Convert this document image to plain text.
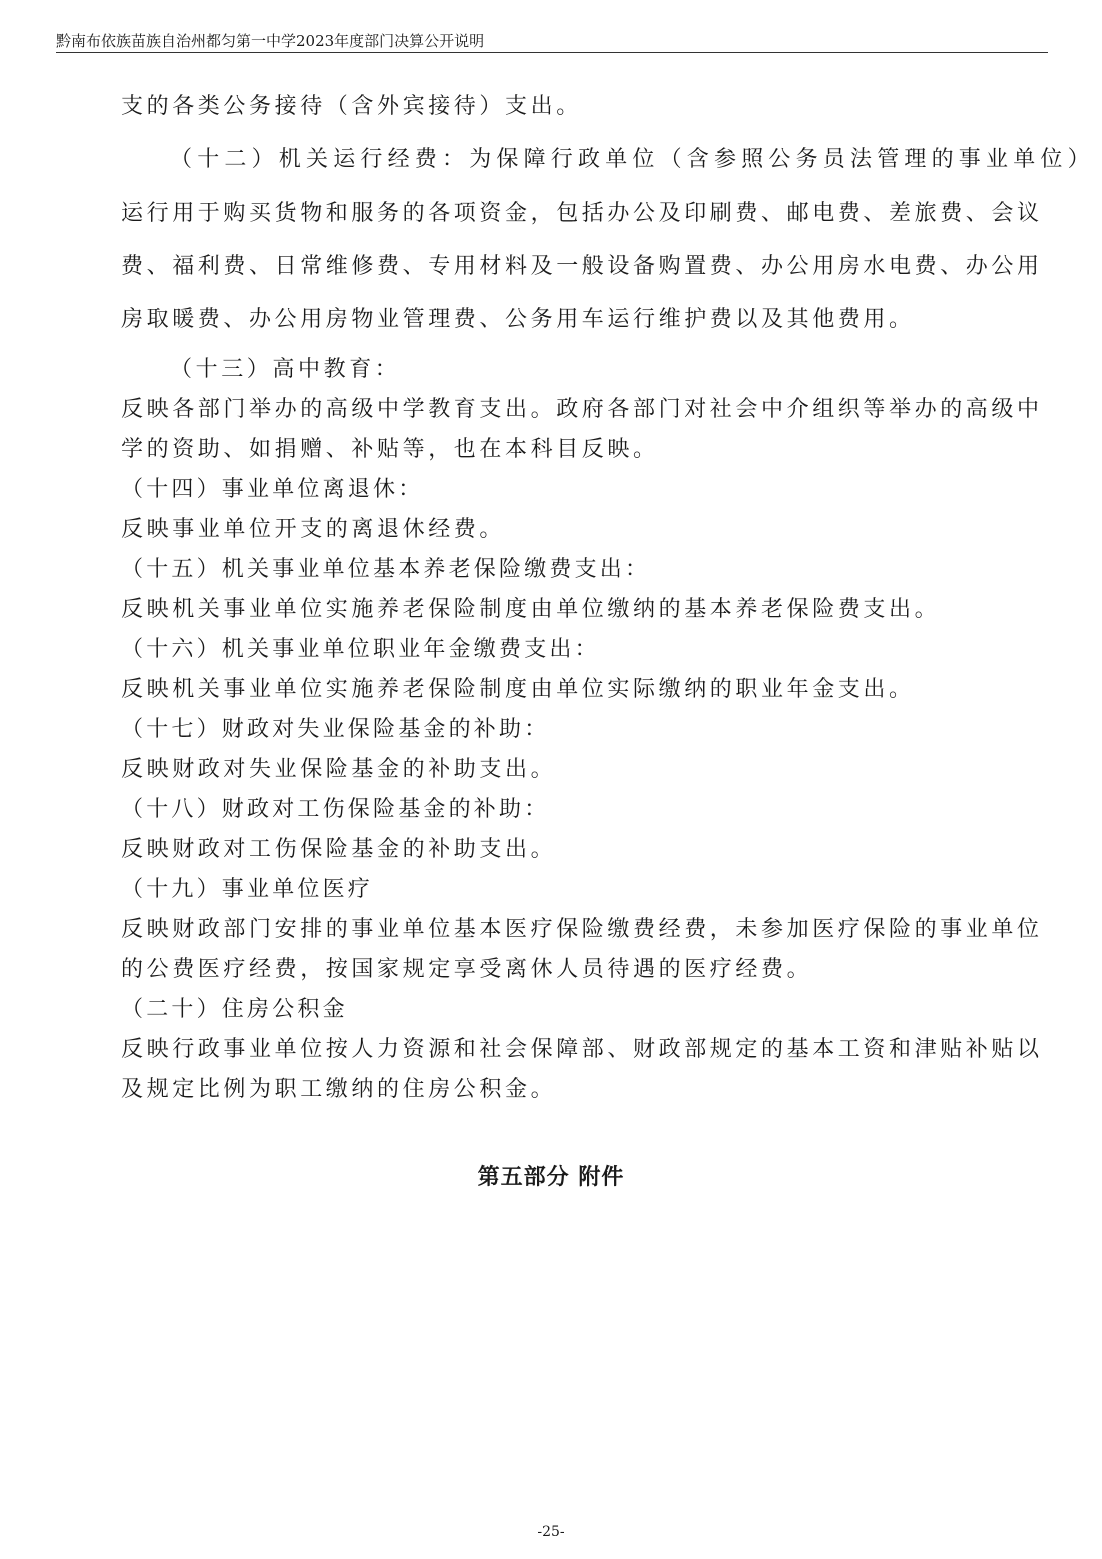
黔南布依族苗族自治州都匀第一中学2023年度部门决算公开说明
支的各类公务接待（含外宾接待）支出。
（十二）机关运行经费：为保障行政单位（含参照公务员法管理的事业单位）
运行用于购买货物和服务的各项资金，包括办公及印刷费、邮电费、差旅费、会议
费、福利费、日常维修费、专用材料及一般设备购置费、办公用房水电费、办公用
房取暖费、办公用房物业管理费、公务用车运行维护费以及其他费用。
（十三）高中教育：
反映各部门举办的高级中学教育支出。政府各部门对社会中介组织等举办的高级中
学的资助、如捐赠、补贴等，也在本科目反映。
（十四）事业单位离退休：
反映事业单位开支的离退休经费。
（十五）机关事业单位基本养老保险缴费支出：
反映机关事业单位实施养老保险制度由单位缴纳的基本养老保险费支出。
（十六）机关事业单位职业年金缴费支出：
反映机关事业单位实施养老保险制度由单位实际缴纳的职业年金支出。
（十七）财政对失业保险基金的补助：
反映财政对失业保险基金的补助支出。
（十八）财政对工伤保险基金的补助：
反映财政对工伤保险基金的补助支出。
（十九）事业单位医疗
反映财政部门安排的事业单位基本医疗保险缴费经费，未参加医疗保险的事业单位
的公费医疗经费，按国家规定享受离休人员待遇的医疗经费。
（二十）住房公积金
反映行政事业单位按人力资源和社会保障部、财政部规定的基本工资和津贴补贴以
及规定比例为职工缴纳的住房公积金。
第五部分 附件
-25-
